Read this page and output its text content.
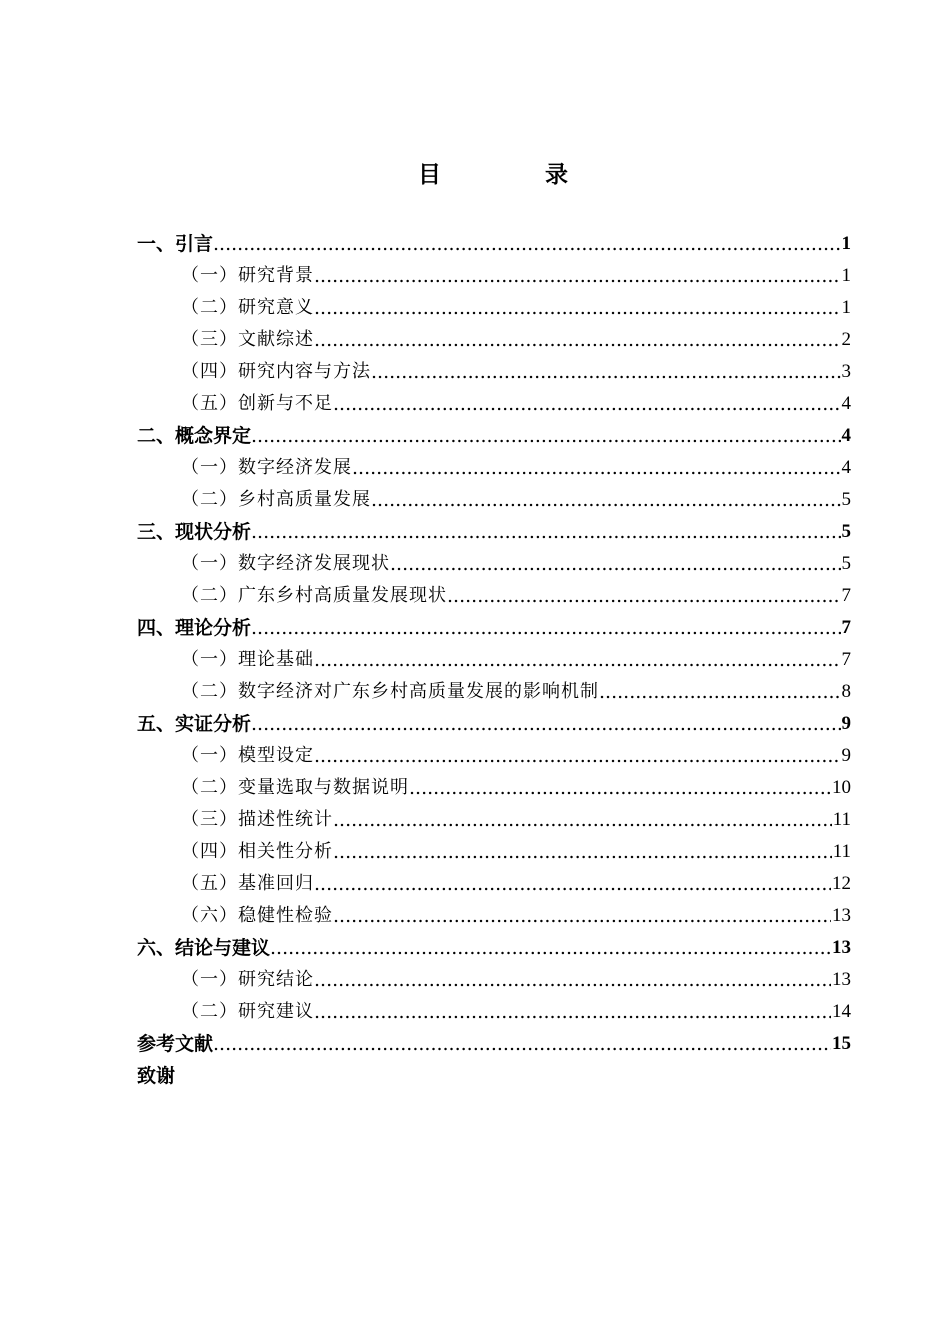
目	录
一、引言 .....	1
（一）研究背景 .....	1
（二）研究意义 .....	1
（三）文献综述 .....	2
（四）研究内容与方法 .....	3
（五）创新与不足 .....	4
二、概念界定 .....	4
（一）数字经济发展 .....	4
（二）乡村高质量发展 .....	5
三、现状分析 .....	5
（一）数字经济发展现状 .....	5
（二）广东乡村高质量发展现状 .....	7
四、理论分析 .....	7
（一）理论基础 .....	7
（二）数字经济对广东乡村高质量发展的影响机制 .....	8
五、实证分析 .....	9
（一）模型设定 .....	9
（二）变量选取与数据说明 .....	10
（三）描述性统计 .....	11
（四）相关性分析 .....	11
（五）基准回归 .....	12
（六）稳健性检验 .....	13
六、结论与建议 .....	13
（一）研究结论 .....	13
（二）研究建议 .....	14
参考文献 .....	15
致谢
